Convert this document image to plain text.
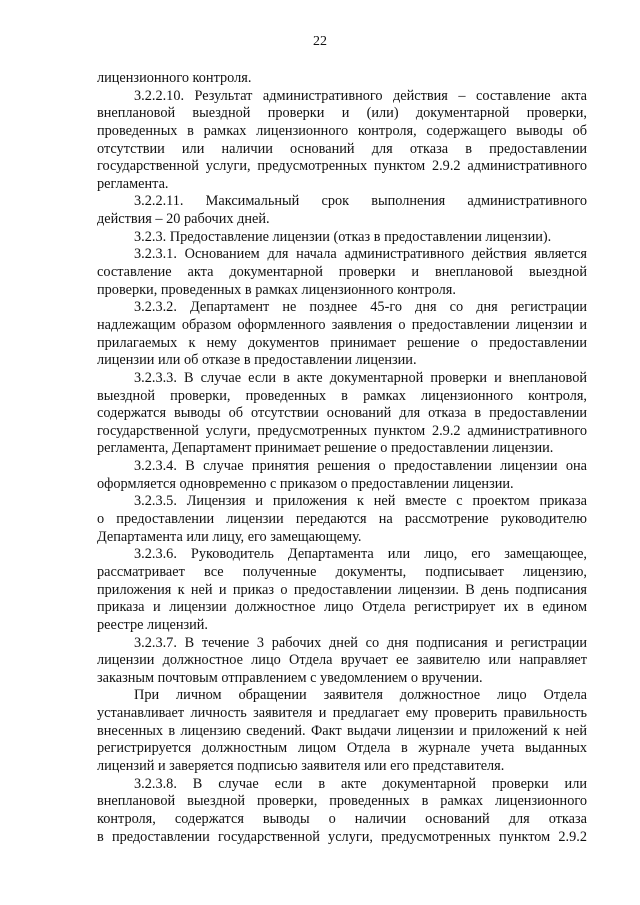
22
лицензионного контроля.
3.2.2.10. Результат административного действия – составление акта
внеплановой выездной проверки и (или) документарной проверки,
проведенных в рамках лицензионного контроля, содержащего выводы об
отсутствии или наличии оснований для отказа в предоставлении
государственной услуги, предусмотренных пунктом 2.9.2 административного
регламента.
3.2.2.11. Максимальный срок выполнения административного
действия – 20 рабочих дней.
3.2.3. Предоставление лицензии (отказ в предоставлении лицензии).
3.2.3.1. Основанием для начала административного действия является
составление акта документарной проверки и внеплановой выездной
проверки, проведенных в рамках лицензионного контроля.
3.2.3.2. Департамент не позднее 45-го дня со дня регистрации
надлежащим образом оформленного заявления о предоставлении лицензии и
прилагаемых к нему документов принимает решение о предоставлении
лицензии или об отказе в предоставлении лицензии.
3.2.3.3. В случае если в акте документарной проверки и внеплановой
выездной проверки, проведенных в рамках лицензионного контроля,
содержатся выводы об отсутствии оснований для отказа в предоставлении
государственной услуги, предусмотренных пунктом 2.9.2 административного
регламента, Департамент принимает решение о предоставлении лицензии.
3.2.3.4. В случае принятия решения о предоставлении лицензии она
оформляется одновременно с приказом о предоставлении лицензии.
3.2.3.5. Лицензия и приложения к ней вместе с проектом приказа
о предоставлении лицензии передаются на рассмотрение руководителю
Департамента или лицу, его замещающему.
3.2.3.6. Руководитель Департамента или лицо, его замещающее,
рассматривает все полученные документы, подписывает лицензию,
приложения к ней и приказ о предоставлении лицензии. В день подписания
приказа и лицензии должностное лицо Отдела регистрирует их в едином
реестре лицензий.
3.2.3.7. В течение 3 рабочих дней со дня подписания и регистрации
лицензии должностное лицо Отдела вручает ее заявителю или направляет
заказным почтовым отправлением с уведомлением о вручении.
При личном обращении заявителя должностное лицо Отдела
устанавливает личность заявителя и предлагает ему проверить правильность
внесенных в лицензию сведений. Факт выдачи лицензии и приложений к ней
регистрируется должностным лицом Отдела в журнале учета выданных
лицензий и заверяется подписью заявителя или его представителя.
3.2.3.8. В случае если в акте документарной проверки или
внеплановой выездной проверки, проведенных в рамках лицензионного
контроля, содержатся выводы о наличии оснований для отказа
в предоставлении государственной услуги, предусмотренных пунктом 2.9.2
